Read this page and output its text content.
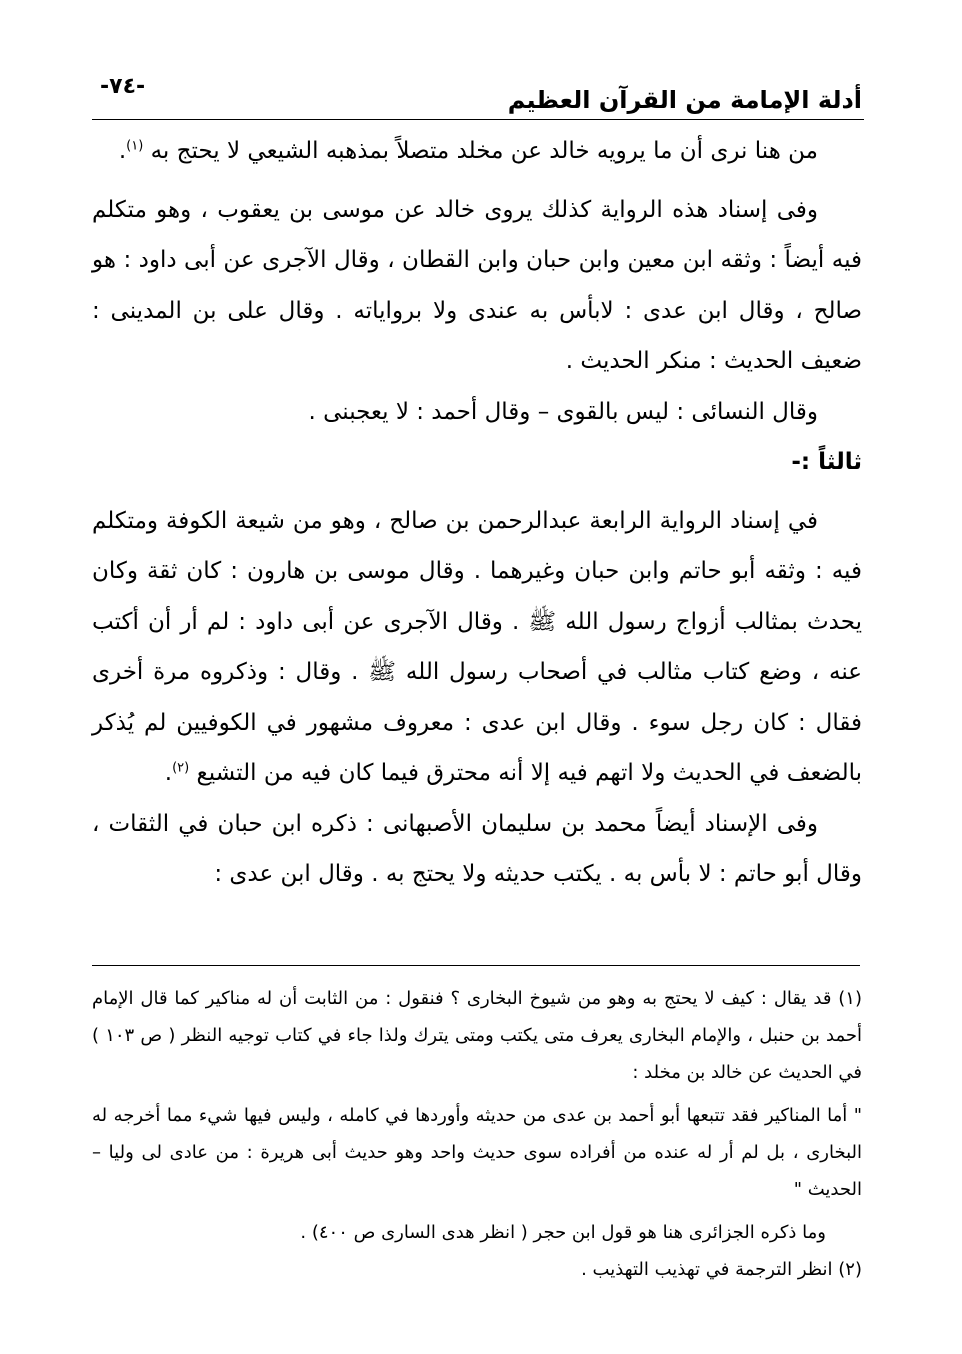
-٧٤-	أدلة الإمامة من القرآن العظيم

من هنا نرى أن ما يرويه خالد عن مخلد متصلاً بمذهبه الشيعي لا يحتج به $^{(١)}$.

وفى إسناد هذه الرواية كذلك يروى خالد عن موسى بن يعقوب ، وهو متكلم فيه أيضاً : وثقه ابن معين وابن حبان وابن القطان ، وقال الآجرى عن أبى داود : هو صالح ، وقال ابن عدى : لابأس به عندى ولا برواياته . وقال على بن المدينى : ضعيف الحديث : منكر الحديث .

وقال النسائى : ليس بالقوى – وقال أحمد : لا يعجبنى .

ثالثاً :-

في إسناد الرواية الرابعة عبدالرحمن بن صالح ، وهو من شيعة الكوفة ومتكلم فيه : وثقه أبو حاتم وابن حبان وغيرهما . وقال موسى بن هارون : كان ثقة وكان يحدث بمثالب أزواج رسول الله ﷺ . وقال الآجرى عن أبى داود : لم أر أن أكتب عنه ، وضع كتاب مثالب في أصحاب رسول الله ﷺ . وقال : وذكروه مرة أخرى فقال : كان رجل سوء . وقال ابن عدى : معروف مشهور في الكوفيين لم يُذكر بالضعف في الحديث ولا اتهم فيه إلا أنه محترق فيما كان فيه من التشيع $^{(٢)}$.

وفى الإسناد أيضاً محمد بن سليمان الأصبهانى : ذكره ابن حبان في الثقات ، وقال أبو حاتم : لا بأس به . يكتب حديثه ولا يحتج به . وقال ابن عدى :

(١) قد يقال : كيف لا يحتج به وهو من شيوخ البخارى ؟ فنقول : من الثابت أن له مناكير كما قال الإمام أحمد بن حنبل ، والإمام البخارى يعرف متى يكتب ومتى يترك ولذا جاء في كتاب توجيه النظر ( ص ١٠٣ ) في الحديث عن خالد بن مخلد :

" أما المناكير فقد تتبعها أبو أحمد بن عدى من حديثه وأوردها في كامله ، وليس فيها شيء مما أخرجه له البخارى ، بل لم أر له عنده من أفراده سوى حديث واحد وهو حديث أبى هريرة : من عادى لى وليا – الحديث "

وما ذكره الجزائرى هنا هو قول ابن حجر ( انظر هدى السارى ص ٤٠٠) .

(٢) انظر الترجمة في تهذيب التهذيب .
